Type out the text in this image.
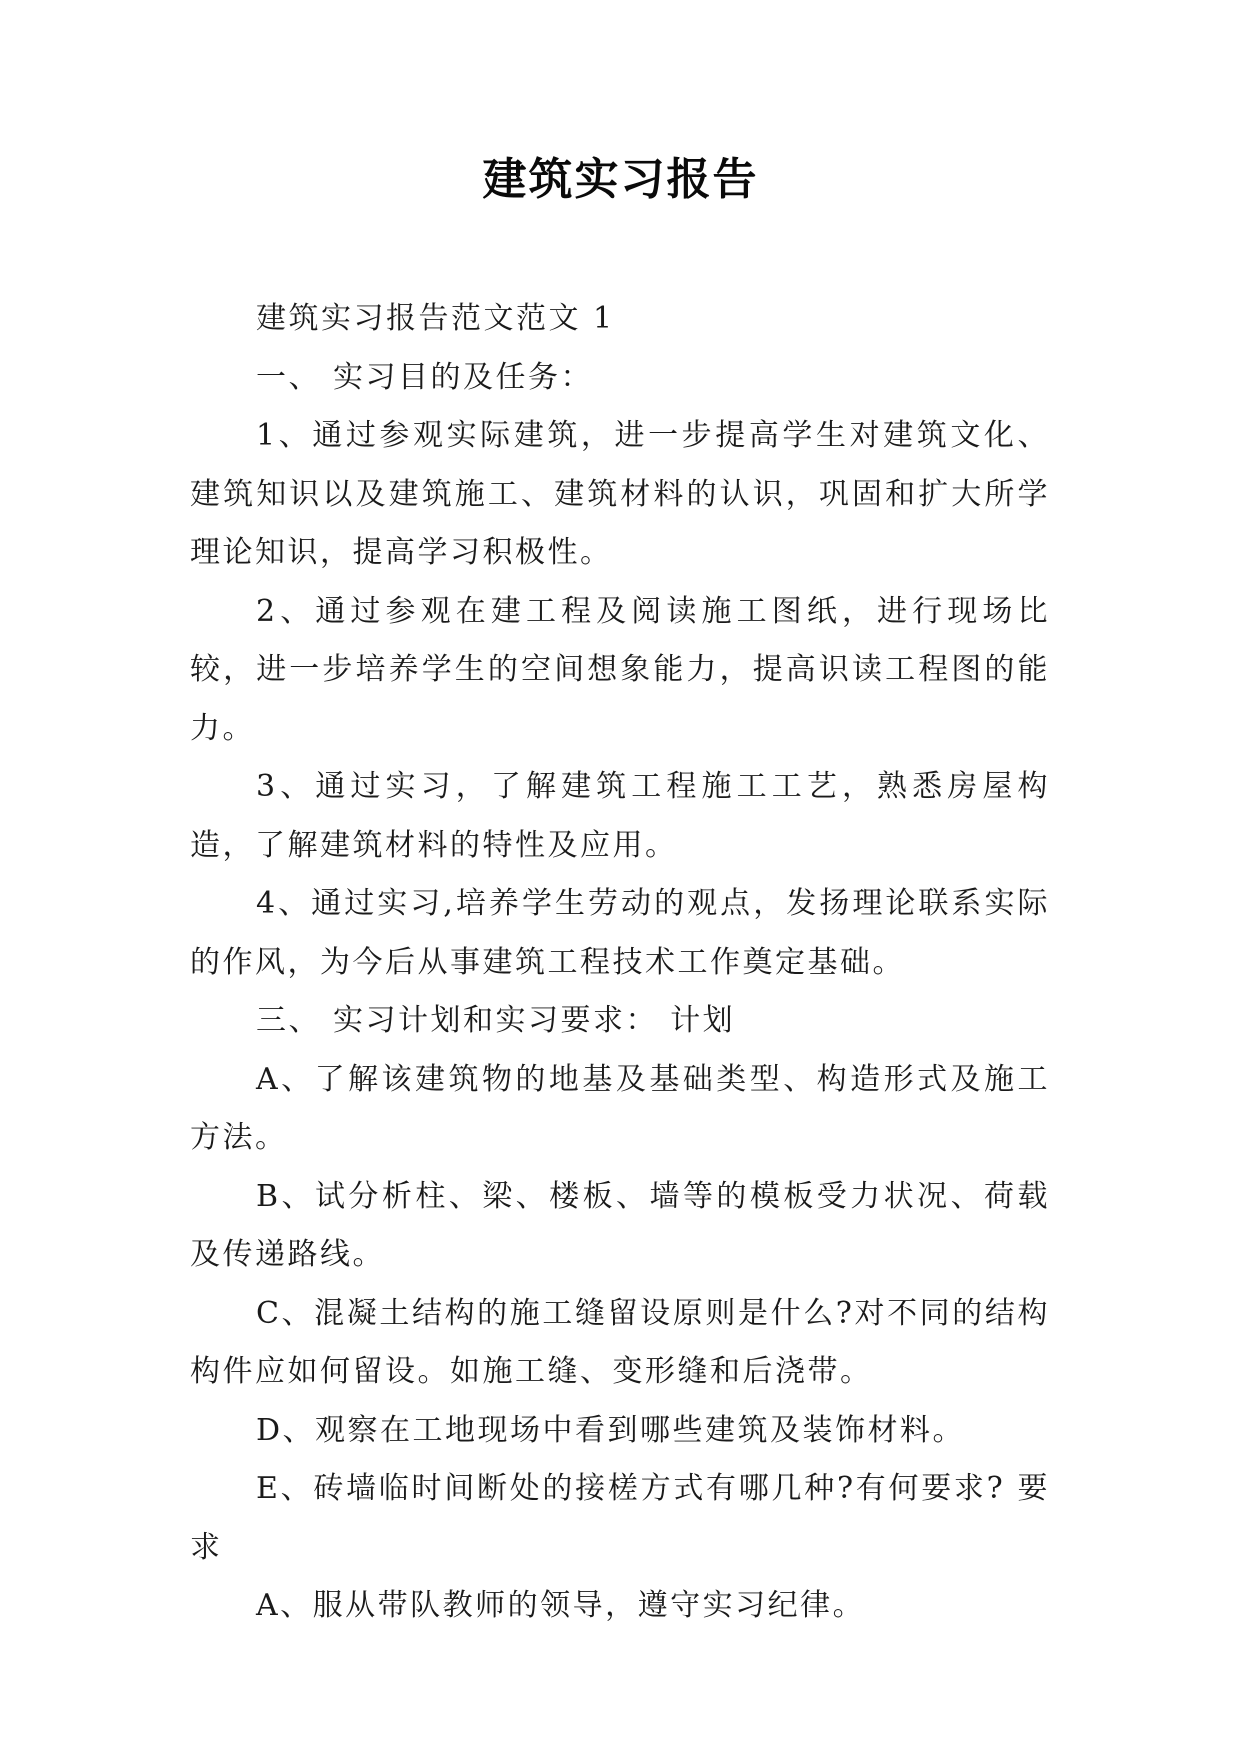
建筑实习报告

建筑实习报告范文范文 1

一、 实习目的及任务：

1、通过参观实际建筑，进一步提高学生对建筑文化、建筑知识以及建筑施工、建筑材料的认识，巩固和扩大所学理论知识，提高学习积极性。

2、通过参观在建工程及阅读施工图纸，进行现场比较，进一步培养学生的空间想象能力，提高识读工程图的能力。

3、通过实习，了解建筑工程施工工艺，熟悉房屋构造，了解建筑材料的特性及应用。

4、通过实习,培养学生劳动的观点，发扬理论联系实际的作风，为今后从事建筑工程技术工作奠定基础。

三、 实习计划和实习要求： 计划

A、了解该建筑物的地基及基础类型、构造形式及施工方法。

B、试分析柱、梁、楼板、墙等的模板受力状况、荷载及传递路线。

C、混凝土结构的施工缝留设原则是什么?对不同的结构构件应如何留设。如施工缝、变形缝和后浇带。

D、观察在工地现场中看到哪些建筑及装饰材料。

E、砖墙临时间断处的接槎方式有哪几种?有何要求? 要求

A、服从带队教师的领导，遵守实习纪律。
